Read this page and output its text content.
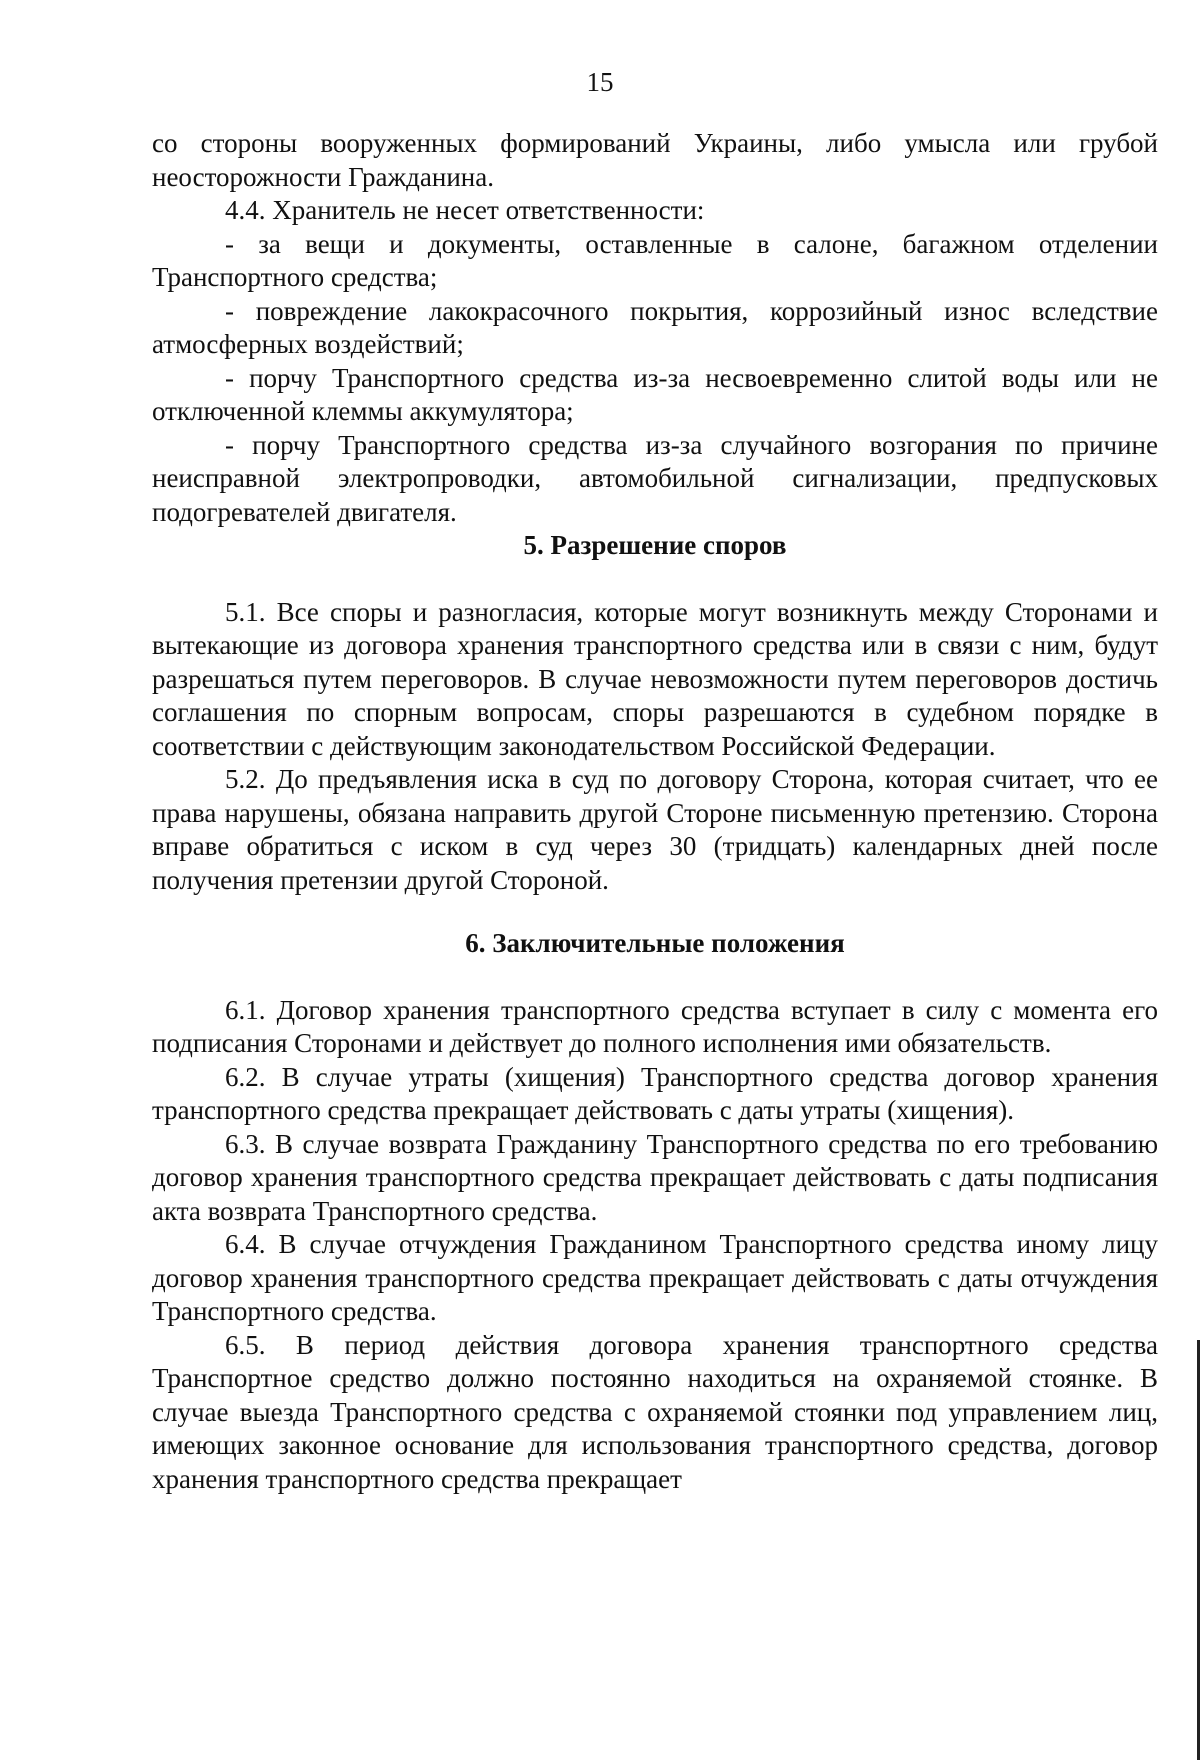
15

со стороны вооруженных формирований Украины, либо умысла или грубой неосторожности Гражданина.

4.4. Хранитель не несет ответственности:

- за вещи и документы, оставленные в салоне, багажном отделении Транспортного средства;

- повреждение лакокрасочного покрытия, коррозийный износ вследствие атмосферных воздействий;

- порчу Транспортного средства из-за несвоевременно слитой воды или не отключенной клеммы аккумулятора;

- порчу Транспортного средства из-за случайного возгорания по причине неисправной электропроводки, автомобильной сигнализации, предпусковых подогревателей двигателя.

5. Разрешение споров

5.1. Все споры и разногласия, которые могут возникнуть между Сторонами и вытекающие из договора хранения транспортного средства или в связи с ним, будут разрешаться путем переговоров. В случае невозможности путем переговоров достичь соглашения по спорным вопросам, споры разрешаются в судебном порядке в соответствии с действующим законодательством Российской Федерации.

5.2. До предъявления иска в суд по договору Сторона, которая считает, что ее права нарушены, обязана направить другой Стороне письменную претензию. Сторона вправе обратиться с иском в суд через 30 (тридцать) календарных дней после получения претензии другой Стороной.

6. Заключительные положения

6.1. Договор хранения транспортного средства вступает в силу с момента его подписания Сторонами и действует до полного исполнения ими обязательств.

6.2. В случае утраты (хищения) Транспортного средства договор хранения транспортного средства прекращает действовать с даты утраты (хищения).

6.3. В случае возврата Гражданину Транспортного средства по его требованию договор хранения транспортного средства прекращает действовать с даты подписания акта возврата Транспортного средства.

6.4. В случае отчуждения Гражданином Транспортного средства иному лицу договор хранения транспортного средства прекращает действовать с даты отчуждения Транспортного средства.

6.5. В период действия договора хранения транспортного средства Транспортное средство должно постоянно находиться на охраняемой стоянке. В случае выезда Транспортного средства с охраняемой стоянки под управлением лиц, имеющих законное основание для использования транспортного средства, договор хранения транспортного средства прекращает
